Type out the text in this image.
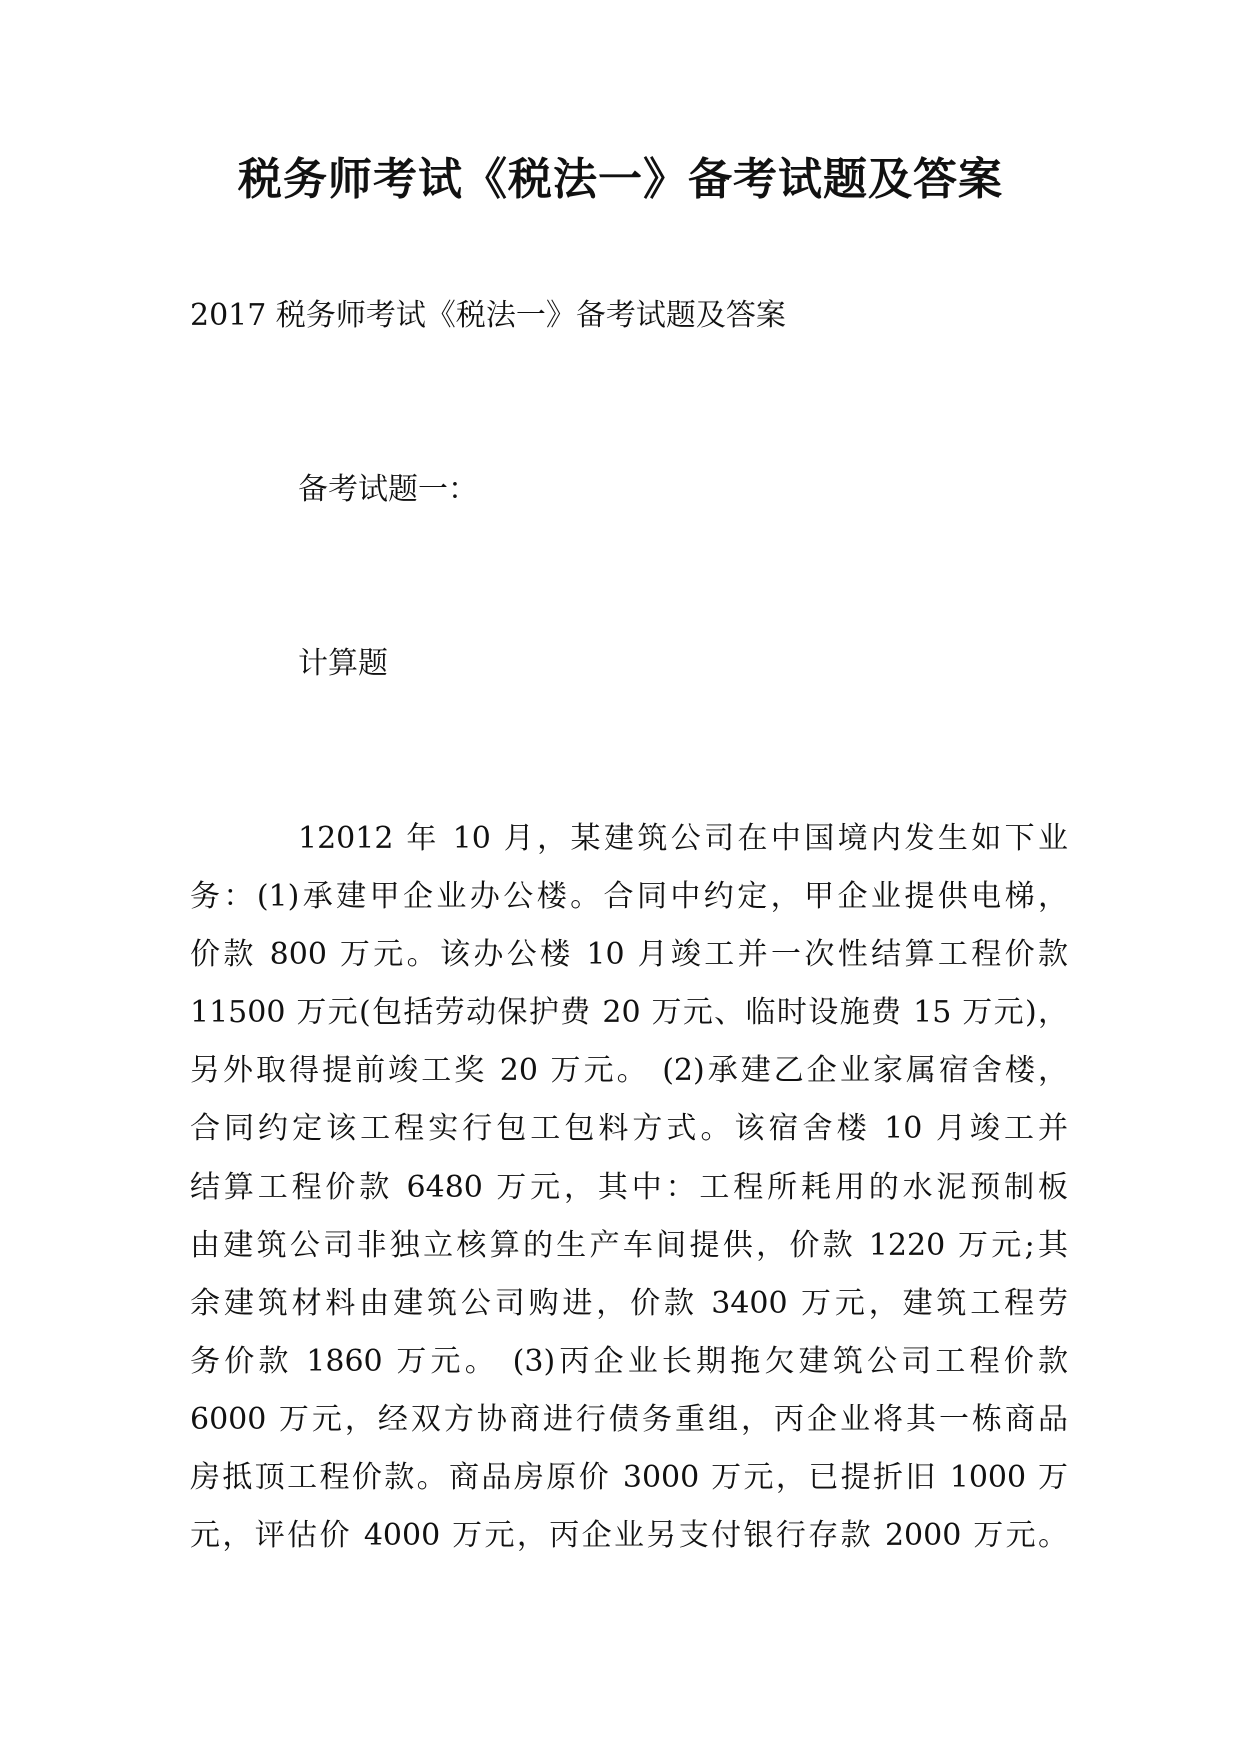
税务师考试《税法一》备考试题及答案

2017 税务师考试《税法一》备考试题及答案

备考试题一：

计算题

12012 年 10 月，某建筑公司在中国境内发生如下业
务：(1)承建甲企业办公楼。合同中约定，甲企业提供电梯，
价款 800 万元。该办公楼 10 月竣工并一次性结算工程价款
11500 万元(包括劳动保护费 20 万元、临时设施费 15 万元)，
另外取得提前竣工奖 20 万元。 (2)承建乙企业家属宿舍楼，
合同约定该工程实行包工包料方式。该宿舍楼 10 月竣工并
结算工程价款 6480 万元，其中：工程所耗用的水泥预制板
由建筑公司非独立核算的生产车间提供，价款 1220 万元;其
余建筑材料由建筑公司购进，价款 3400 万元，建筑工程劳
务价款 1860 万元。 (3)丙企业长期拖欠建筑公司工程价款
6000 万元，经双方协商进行债务重组，丙企业将其一栋商品
房抵顶工程价款。商品房原价 3000 万元，已提折旧 1000 万
元，评估价 4000 万元，丙企业另支付银行存款 2000 万元。
